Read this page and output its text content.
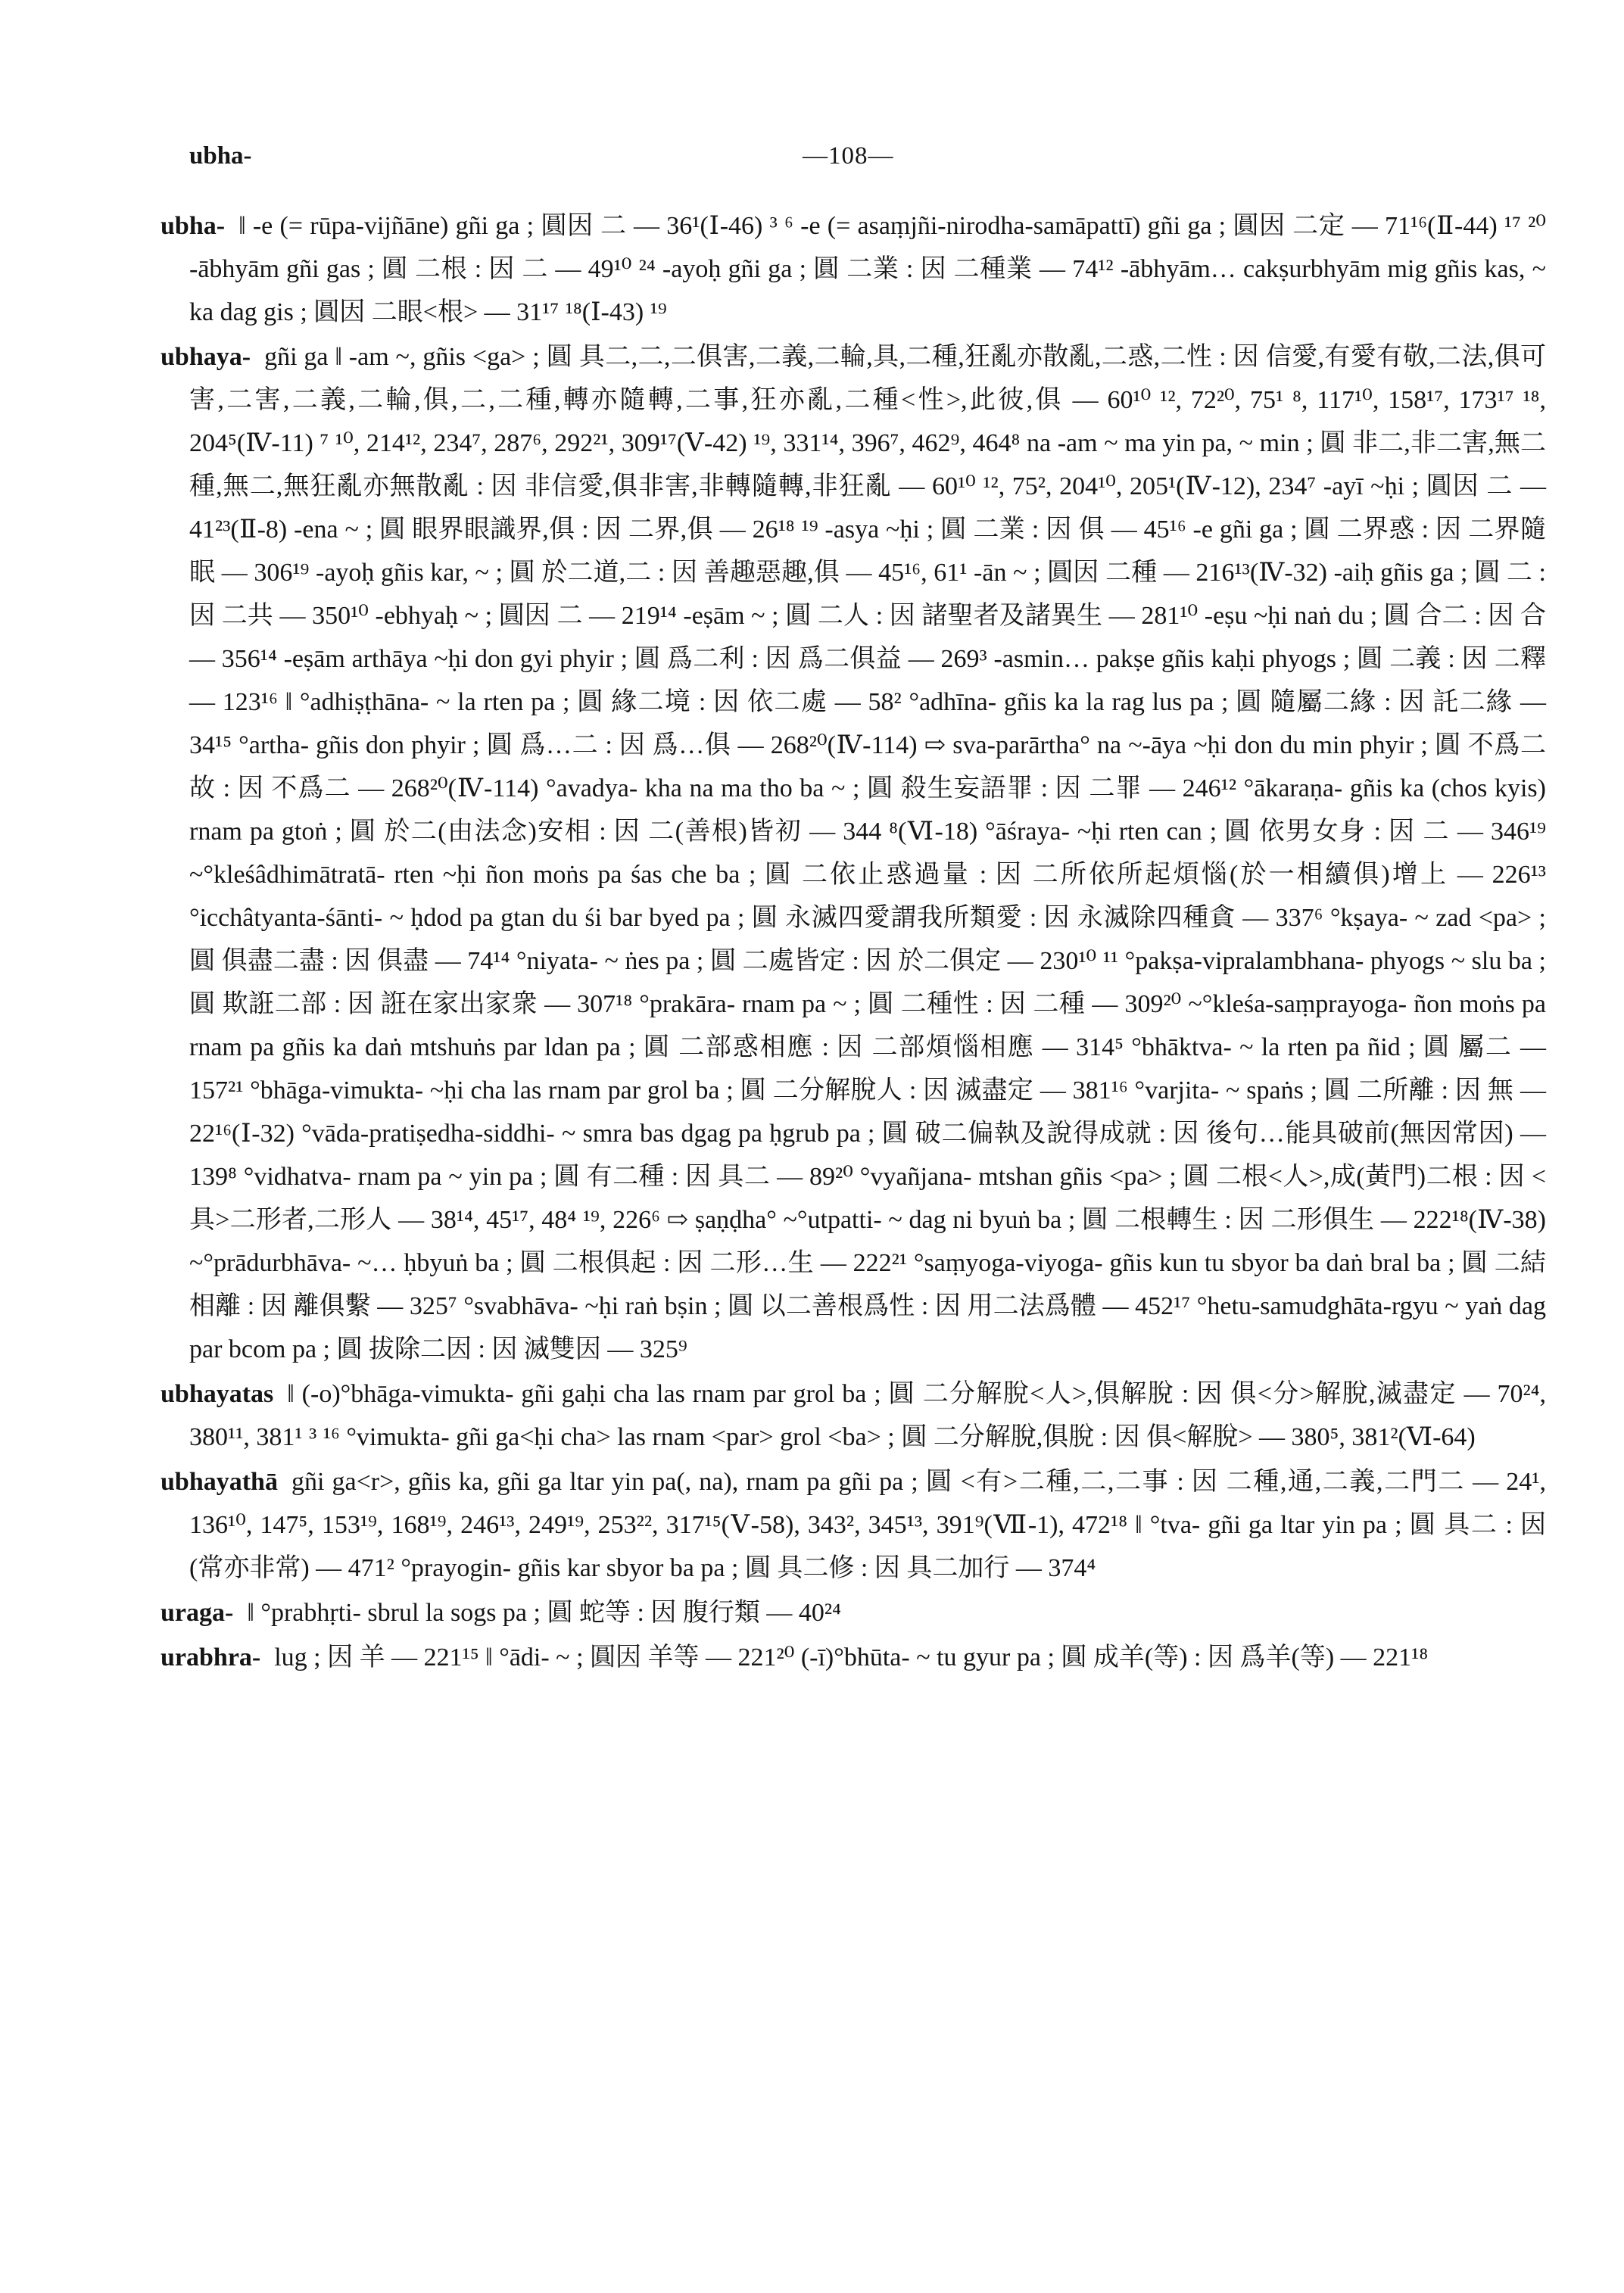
ubha-	—108—

ubha- ‖ -e (= rūpa-vijñāne) gñi ga ; 圓因 二 — 36¹(Ⅰ-46) ³ ⁶ -e (= asaṃjñi-nirodha-samāpattī) gñi ga ; 圓因 二定 — 71¹⁶(Ⅱ-44) ¹⁷ ²⁰ -ābhyām gñi gas ; 圓 二根 : 因 二 — 49¹⁰ ²⁴ -ayoḥ gñi ga ; 圓 二業 : 因 二種業 — 74¹² -ābhyām… cakṣurbhyām mig gñis kas, ~ ka dag gis ; 圓因 二眼<根> — 31¹⁷ ¹⁸(Ⅰ-43) ¹⁹

ubhaya- gñi ga ‖ -am ~, gñis <ga> ; 圓 具二,二,二俱害,二義,二輪,具,二種,狂亂亦散亂,二惑,二性 : 因 信愛,有愛有敬,二法,俱可害,二害,二義,二輪,俱,二,二種,轉亦隨轉,二事,狂亦亂,二種<性>,此彼,俱 — 60¹⁰ ¹², 72²⁰, 75¹ ⁸, 117¹⁰, 158¹⁷, 173¹⁷ ¹⁸, 204⁵(Ⅳ-11) ⁷ ¹⁰, 214¹², 234⁷, 287⁶, 292²¹, 309¹⁷(Ⅴ-42) ¹⁹, 331¹⁴, 396⁷, 462⁹, 464⁸ na -am ~ ma yin pa, ~ min ; 圓 非二,非二害,無二種,無二,無狂亂亦無散亂 : 因 非信愛,俱非害,非轉隨轉,非狂亂 — 60¹⁰ ¹², 75², 204¹⁰, 205¹(Ⅳ-12), 234⁷ -ayī ~ḥi ; 圓因 二 — 41²³(Ⅱ-8) -ena ~ ; 圓 眼界眼識界,俱 : 因 二界,俱 — 26¹⁸ ¹⁹ -asya ~ḥi ; 圓 二業 : 因 俱 — 45¹⁶ -e gñi ga ; 圓 二界惑 : 因 二界隨眠 — 306¹⁹ -ayoḥ gñis kar, ~ ; 圓 於二道,二 : 因 善趣惡趣,俱 — 45¹⁶, 61¹ -ān ~ ; 圓因 二種 — 216¹³(Ⅳ-32) -aiḥ gñis ga ; 圓 二 : 因 二共 — 350¹⁰ -ebhyaḥ ~ ; 圓因 二 — 219¹⁴ -eṣām ~ ; 圓 二人 : 因 諸聖者及諸異生 — 281¹⁰ -eṣu ~ḥi naṅ du ; 圓 合二 : 因 合 — 356¹⁴ -eṣām arthāya ~ḥi don gyi phyir ; 圓 爲二利 : 因 爲二俱益 — 269³ -asmin… pakṣe gñis kaḥi phyogs ; 圓 二義 : 因 二釋 — 123¹⁶ ‖ °adhiṣṭhāna- ~ la rten pa ; 圓 緣二境 : 因 依二處 — 58² °adhīna- gñis ka la rag lus pa ; 圓 隨屬二緣 : 因 託二緣 — 34¹⁵ °artha- gñis don phyir ; 圓 爲…二 : 因 爲…俱 — 268²⁰(Ⅳ-114) ⇨ sva-parārtha° na ~-āya ~ḥi don du min phyir ; 圓 不爲二故 : 因 不爲二 — 268²⁰(Ⅳ-114) °avadya- kha na ma tho ba ~ ; 圓 殺生妄語罪 : 因 二罪 — 246¹² °ākaraṇa- gñis ka (chos kyis) rnam pa gtoṅ ; 圓 於二(由法念)安相 : 因 二(善根)皆初 — 344 ⁸(Ⅵ-18) °āśraya- ~ḥi rten can ; 圓 依男女身 : 因 二 — 346¹⁹ ~°kleśâdhimātratā- rten ~ḥi ñon moṅs pa śas che ba ; 圓 二依止惑過量 : 因 二所依所起煩惱(於一相續俱)增上 — 226¹³ °icchâtyanta-śānti- ~ ḥdod pa gtan du śi bar byed pa ; 圓 永滅四愛謂我所類愛 : 因 永滅除四種貪 — 337⁶ °kṣaya- ~ zad <pa> ; 圓 俱盡二盡 : 因 俱盡 — 74¹⁴ °niyata- ~ ṅes pa ; 圓 二處皆定 : 因 於二俱定 — 230¹⁰ ¹¹ °pakṣa-vipralambhana- phyogs ~ slu ba ; 圓 欺誑二部 : 因 誑在家出家衆 — 307¹⁸ °prakāra- rnam pa ~ ; 圓 二種性 : 因 二種 — 309²⁰ ~°kleśa-saṃprayoga- ñon moṅs pa rnam pa gñis ka daṅ mtshuṅs par ldan pa ; 圓 二部惑相應 : 因 二部煩惱相應 — 314⁵ °bhāktva- ~ la rten pa ñid ; 圓 屬二 — 157²¹ °bhāga-vimukta- ~ḥi cha las rnam par grol ba ; 圓 二分解脫人 : 因 滅盡定 — 381¹⁶ °varjita- ~ spaṅs ; 圓 二所離 : 因 無 — 22¹⁶(Ⅰ-32) °vāda-pratiṣedha-siddhi- ~ smra bas dgag pa ḥgrub pa ; 圓 破二偏執及說得成就 : 因 後句…能具破前(無因常因) — 139⁸ °vidhatva- rnam pa ~ yin pa ; 圓 有二種 : 因 具二 — 89²⁰ °vyañjana- mtshan gñis <pa> ; 圓 二根<人>,成(黃門)二根 : 因 <具>二形者,二形人 — 38¹⁴, 45¹⁷, 48⁴ ¹⁹, 226⁶ ⇨ ṣaṇḍha° ~°utpatti- ~ dag ni byuṅ ba ; 圓 二根轉生 : 因 二形俱生 — 222¹⁸(Ⅳ-38) ~°prādurbhāva- ~… ḥbyuṅ ba ; 圓 二根俱起 : 因 二形…生 — 222²¹ °saṃyoga-viyoga- gñis kun tu sbyor ba daṅ bral ba ; 圓 二結相離 : 因 離俱繫 — 325⁷ °svabhāva- ~ḥi raṅ bṣin ; 圓 以二善根爲性 : 因 用二法爲體 — 452¹⁷ °hetu-samudghāta-rgyu ~ yaṅ dag par bcom pa ; 圓 拔除二因 : 因 滅雙因 — 325⁹

ubhayatas ‖ (-o)°bhāga-vimukta- gñi gaḥi cha las rnam par grol ba ; 圓 二分解脫<人>,俱解脫 : 因 俱<分>解脫,滅盡定 — 70²⁴, 380¹¹, 381¹ ³ ¹⁶ °vimukta- gñi ga<ḥi cha> las rnam <par> grol <ba> ; 圓 二分解脫,俱脫 : 因 俱<解脫> — 380⁵, 381²(Ⅵ-64)

ubhayathā gñi ga<r>, gñis ka, gñi ga ltar yin pa(, na), rnam pa gñi pa ; 圓 <有>二種,二,二事 : 因 二種,通,二義,二門二 — 24¹, 136¹⁰, 147⁵, 153¹⁹, 168¹⁹, 246¹³, 249¹⁹, 253²², 317¹⁵(Ⅴ-58), 343², 345¹³, 391⁹(Ⅶ-1), 472¹⁸ ‖ °tva- gñi ga ltar yin pa ; 圓 具二 : 因 (常亦非常) — 471² °prayogin- gñis kar sbyor ba pa ; 圓 具二修 : 因 具二加行 — 374⁴

uraga- ‖ °prabhṛti- sbrul la sogs pa ; 圓 蛇等 : 因 腹行類 — 40²⁴

urabhra- lug ; 因 羊 — 221¹⁵ ‖ °ādi- ~ ; 圓因 羊等 — 221²⁰ (-ī)°bhūta- ~ tu gyur pa ; 圓 成羊(等) : 因 爲羊(等) — 221¹⁸
